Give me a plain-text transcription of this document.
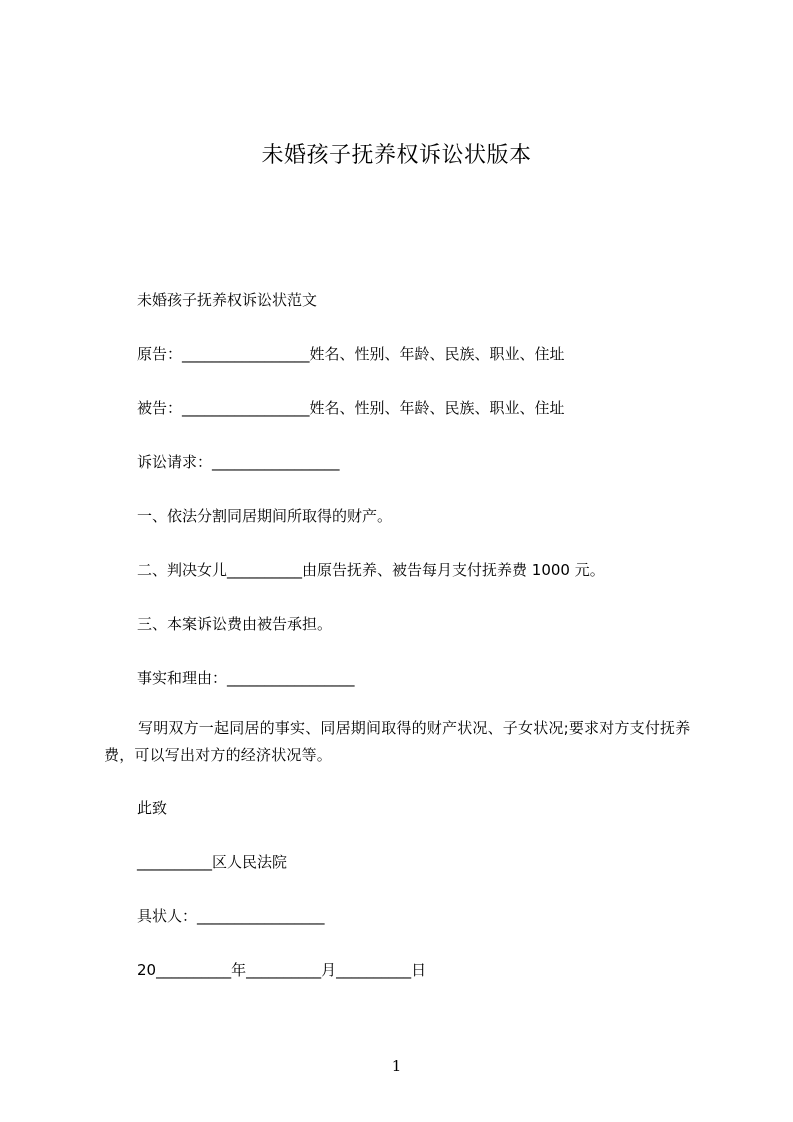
未婚孩子抚养权诉讼状版本
未婚孩子抚养权诉讼状范文
原告：_________________姓名、性别、年龄、民族、职业、住址
被告：_________________姓名、性别、年龄、民族、职业、住址
诉讼请求：_________________
一、依法分割同居期间所取得的财产。
二、判决女儿__________由原告抚养、被告每月支付抚养费 1000 元。
三、本案诉讼费由被告承担。
事实和理由：_________________
写明双方一起同居的事实、同居期间取得的财产状况、子女状况;要求对方支付抚养费，可以写出对方的经济状况等。
此致
__________区人民法院
具状人：_________________
20__________年__________月__________日
1
